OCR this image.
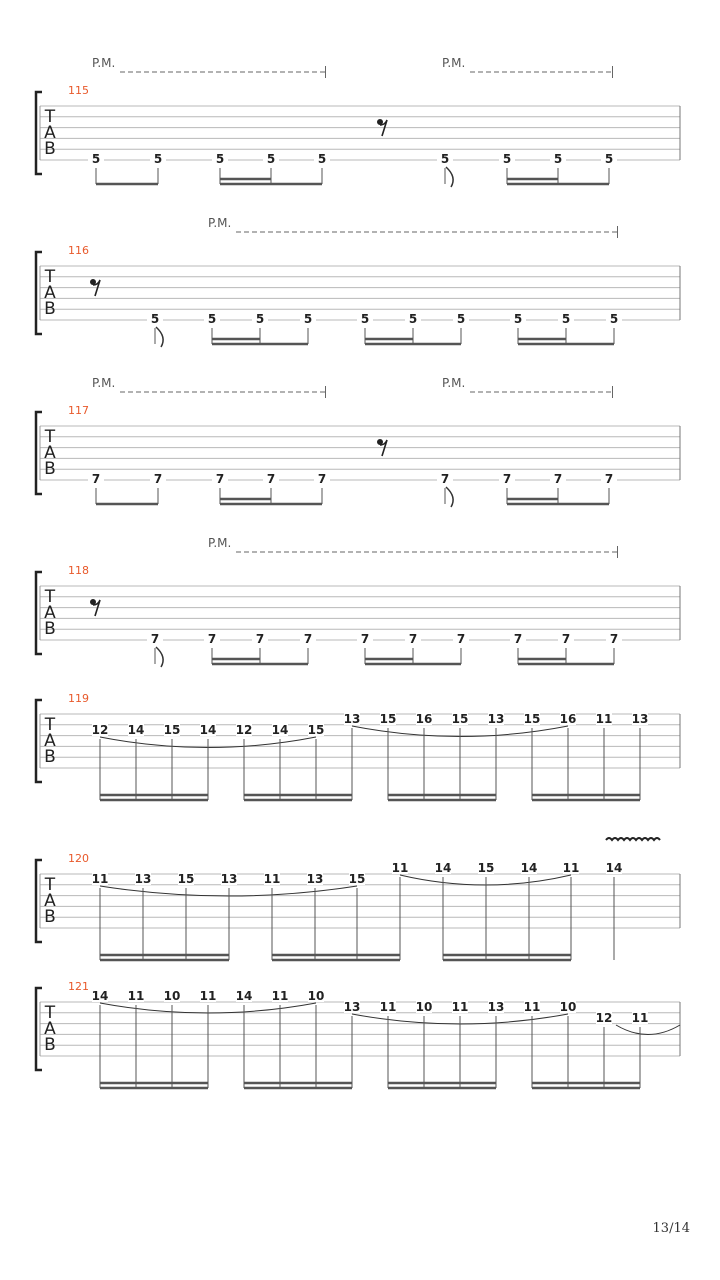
T
A
B
115
P.M.	P.M.
5	5	5	5	5	5	5	5	5
T
A
B
116
P.M.
5	5	5	5	5	5	5	5	5	5
T
A
B
117
P.M.	P.M.
7	7	7	7	7	7	7	7	7
T
A
B
118
P.M.
7	7	7	7	7	7	7	7	7	7
T
A
B
119
12 14 15 14 12 14 15
13 15 16 15 13 15 16 11 13
T
A
B
120
11 13 15 13 11 13 15
11 14 15 14 11 14
T
A
B
121
14 11 10 11 14 11 10
13 11 10 11 13 11 10
12 11
13/14
